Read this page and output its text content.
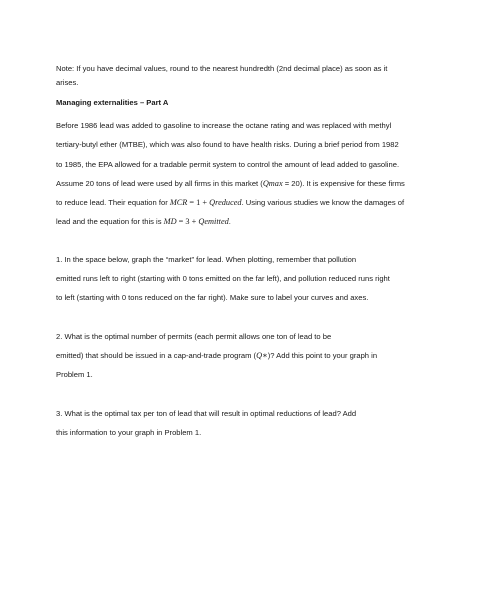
Note: If you have decimal values, round to the nearest hundredth (2nd decimal place) as soon as it
arises.

Managing externalities – Part A

Before 1986 lead was added to gasoline to increase the octane rating and was replaced with methyl
tertiary-butyl ether (MTBE), which was also found to have health risks. During a brief period from 1982
to 1985, the EPA allowed for a tradable permit system to control the amount of lead added to gasoline.
Assume 20 tons of lead were used by all firms in this market (Qmax = 20). It is expensive for these firms
to reduce lead. Their equation for MCR = 1 + Qreduced. Using various studies we know the damages of
lead and the equation for this is MD = 3 + Qemitted.

1. In the space below, graph the “market” for lead. When plotting, remember that pollution
emitted runs left to right (starting with 0 tons emitted on the far left), and pollution reduced runs right
to left (starting with 0 tons reduced on the far right). Make sure to label your curves and axes.

2. What is the optimal number of permits (each permit allows one ton of lead to be
emitted) that should be issued in a cap-and-trade program (Q∗)? Add this point to your graph in
Problem 1.

3. What is the optimal tax per ton of lead that will result in optimal reductions of lead? Add
this information to your graph in Problem 1.
